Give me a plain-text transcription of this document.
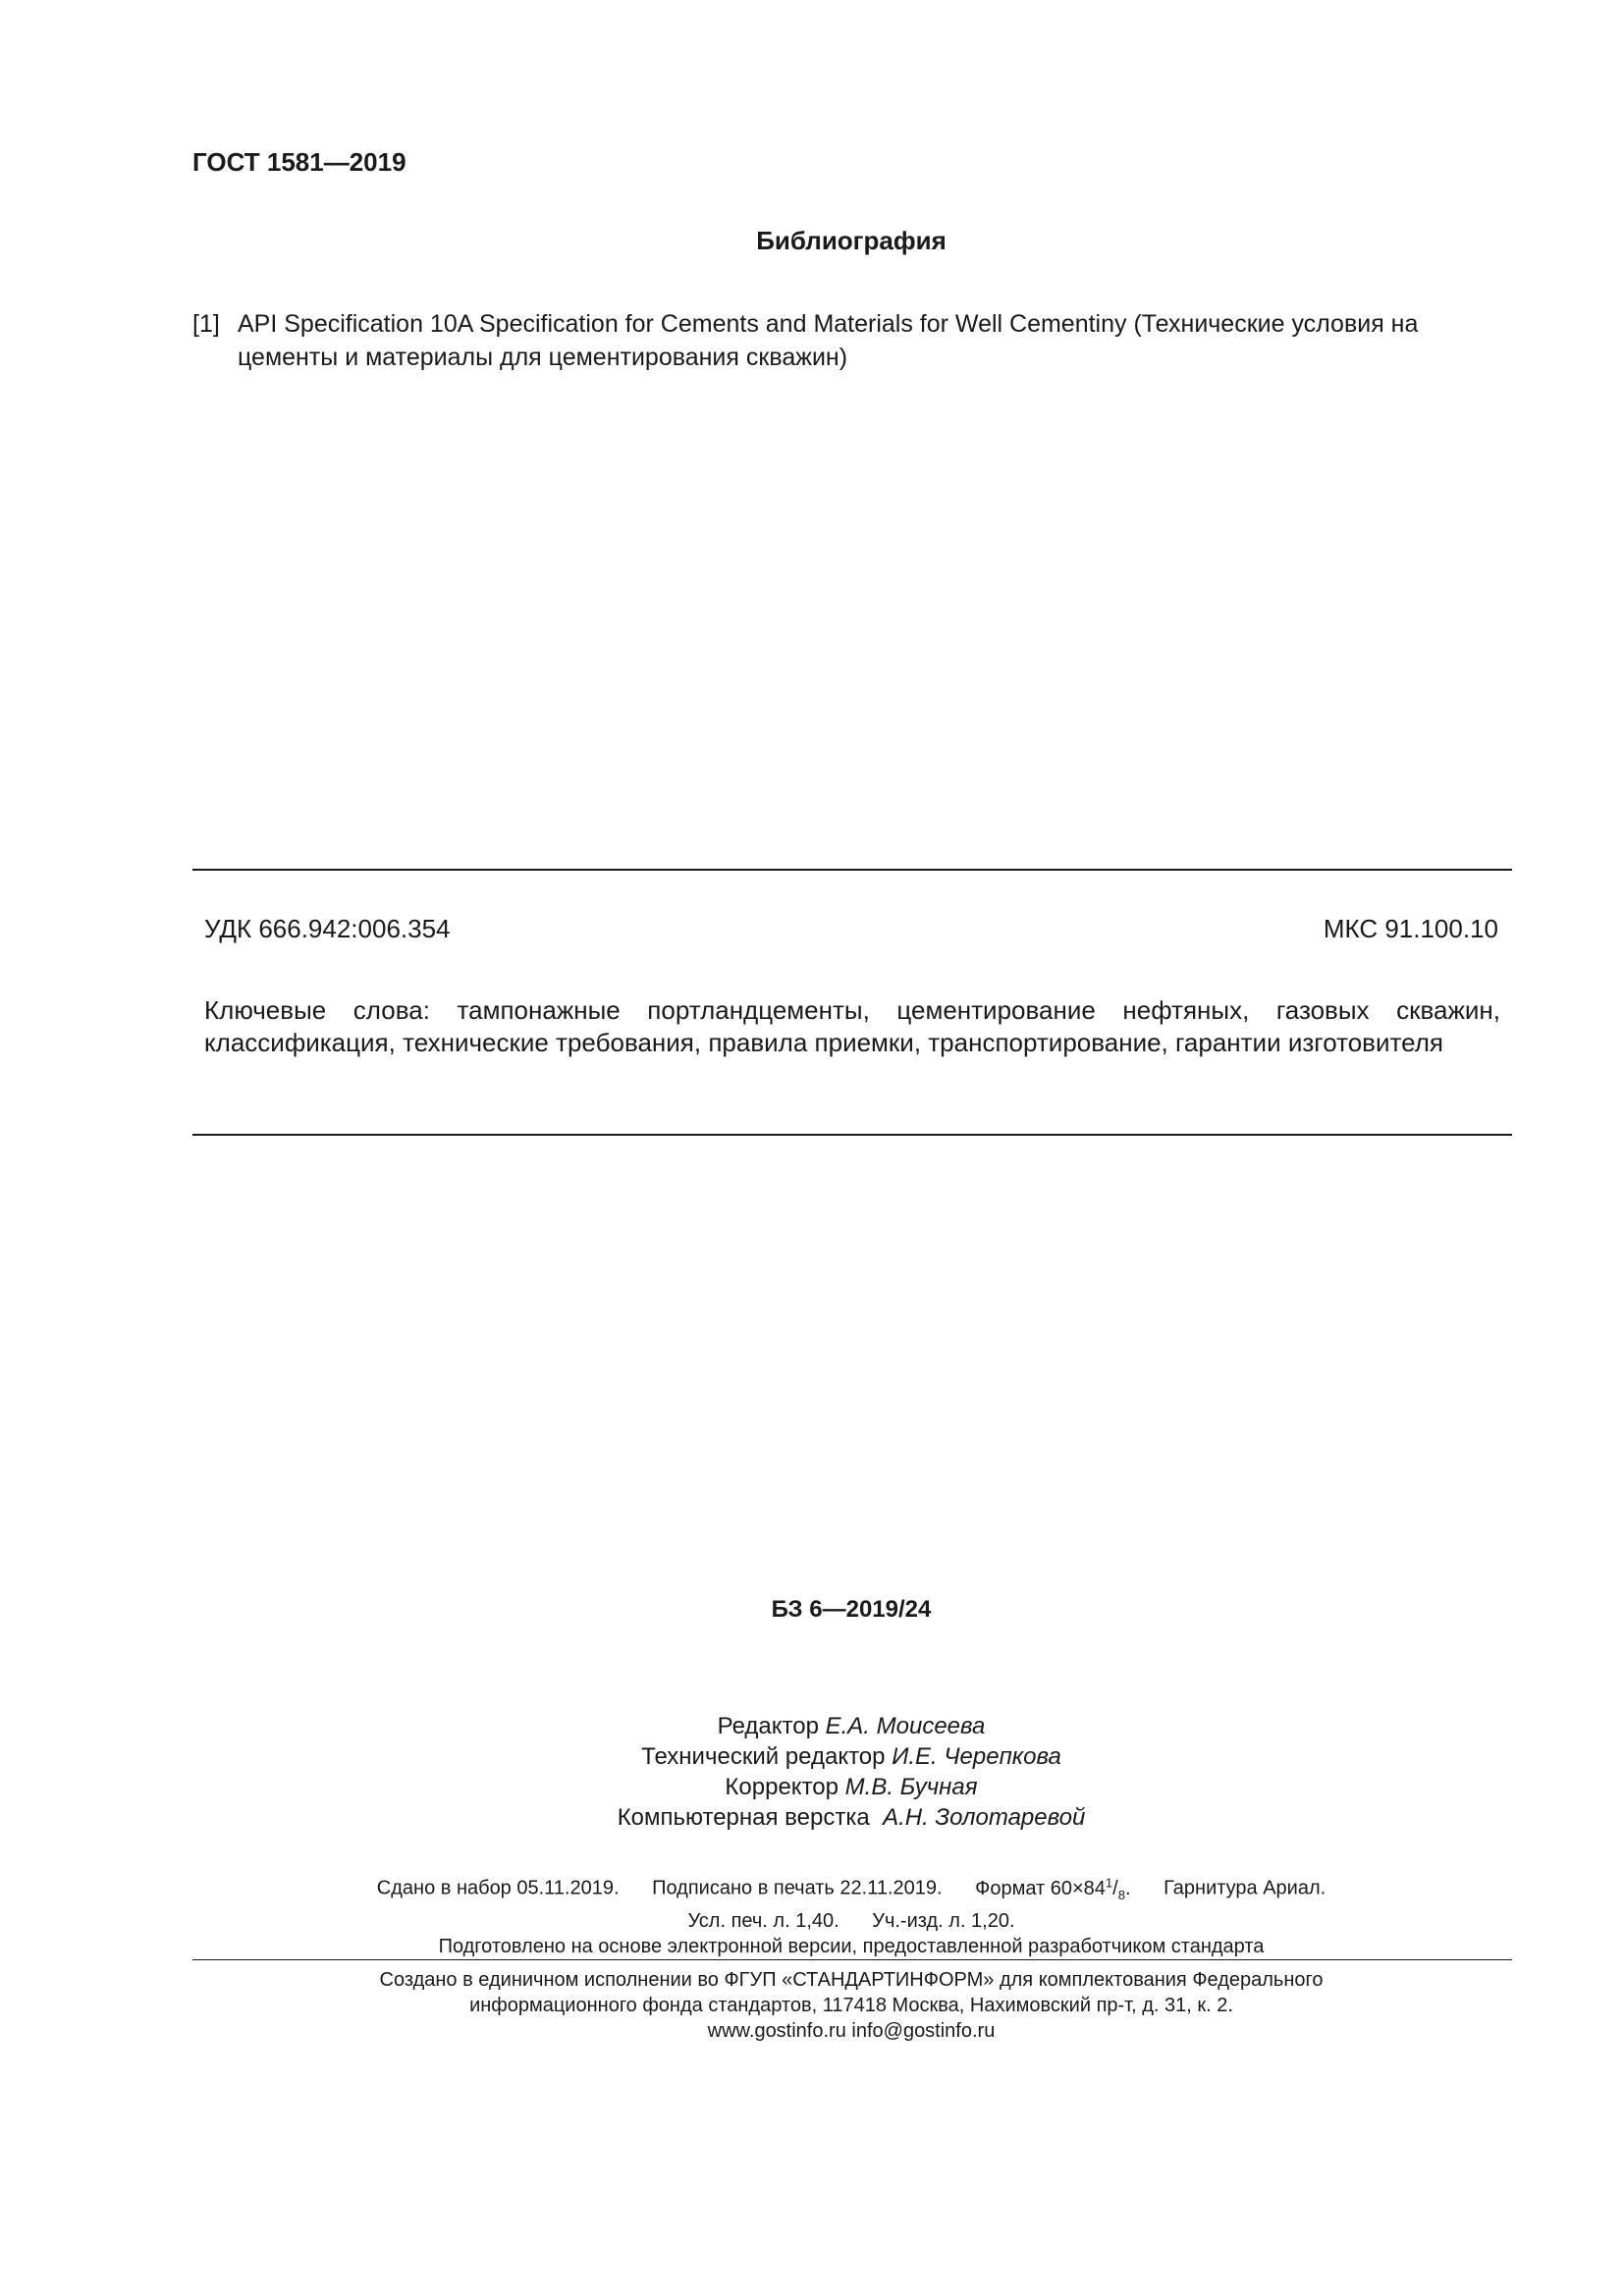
ГОСТ 1581—2019
Библиография
[1] API Specification 10A Specification for Cements and Materials for Well Cementiny (Технические условия на цементы и материалы для цементирования скважин)
УДК 666.942:006.354	МКС 91.100.10
Ключевые слова: тампонажные портландцементы, цементирование нефтяных, газовых скважин, классификация, технические требования, правила приемки, транспортирование, гарантии изготовителя
БЗ 6—2019/24
Редактор Е.А. Моисеева
Технический редактор И.Е. Черепкова
Корректор М.В. Бучная
Компьютерная верстка А.Н. Золотаревой
Сдано в набор 05.11.2019. Подписано в печать 22.11.2019. Формат $60\times 84^1/_8$. Гарнитура Ариал.
Усл. печ. л. 1,40. Уч.-изд. л. 1,20.
Подготовлено на основе электронной версии, предоставленной разработчиком стандарта
Создано в единичном исполнении во ФГУП «СТАНДАРТИНФОРМ» для комплектования Федерального
информационного фонда стандартов, 117418 Москва, Нахимовский пр-т, д. 31, к. 2.
www.gostinfo.ru info@gostinfo.ru
